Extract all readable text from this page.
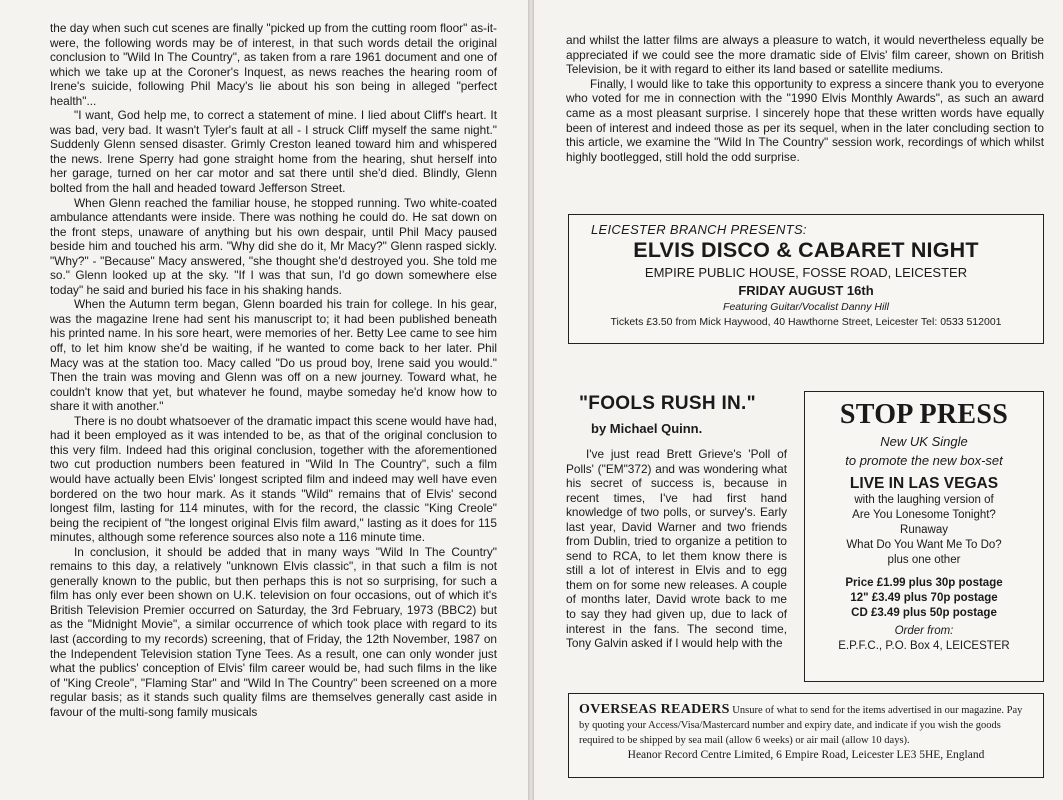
the day when such cut scenes are finally "picked up from the cutting room floor" as-it-were, the following words may be of interest, in that such words detail the original conclusion to "Wild In The Country", as taken from a rare 1961 document and one of which we take up at the Coroner's Inquest, as news reaches the hearing room of Irene's suicide, following Phil Macy's lie about his son being in alleged "perfect health"...

"I want, God help me, to correct a statement of mine. I lied about Cliff's heart. It was bad, very bad. It wasn't Tyler's fault at all - I struck Cliff myself the same night." Suddenly Glenn sensed disaster. Grimly Creston leaned toward him and whispered the news. Irene Sperry had gone straight home from the hearing, shut herself into her garage, turned on her car motor and sat there until she'd died. Blindly, Glenn bolted from the hall and headed toward Jefferson Street.

When Glenn reached the familiar house, he stopped running. Two white-coated ambulance attendants were inside. There was nothing he could do. He sat down on the front steps, unaware of anything but his own despair, until Phil Macy paused beside him and touched his arm. "Why did she do it, Mr Macy?" Glenn rasped sickly. "Why?" - "Because" Macy answered, "she thought she'd destroyed you. She told me so." Glenn looked up at the sky. "If I was that sun, I'd go down somewhere else today" he said and buried his face in his shaking hands.

When the Autumn term began, Glenn boarded his train for college. In his gear, was the magazine Irene had sent his manuscript to; it had been published beneath his printed name. In his sore heart, were memories of her. Betty Lee came to see him off, to let him know she'd be waiting, if he wanted to come back to her later. Phil Macy was at the station too. Macy called "Do us proud boy, Irene said you would." Then the train was moving and Glenn was off on a new journey. Toward what, he couldn't know that yet, but whatever he found, maybe someday he'd know how to share it with another."

There is no doubt whatsoever of the dramatic impact this scene would have had, had it been employed as it was intended to be, as that of the original conclusion to this very film. Indeed had this original conclusion, together with the aforementioned two cut production numbers been featured in "Wild In The Country", such a film would have actually been Elvis' longest scripted film and indeed may well have even bordered on the two hour mark. As it stands "Wild" remains that of Elvis' second longest film, lasting for 114 minutes, with for the record, the classic "King Creole" being the recipient of "the longest original Elvis film award," lasting as it does for 115 minutes, although some reference sources also note a 116 minute time.

In conclusion, it should be added that in many ways "Wild In The Country" remains to this day, a relatively "unknown Elvis classic", in that such a film is not generally known to the public, but then perhaps this is not so surprising, for such a film has only ever been shown on U.K. television on four occasions, out of which it's British Television Premier occurred on Saturday, the 3rd February, 1973 (BBC2) but as the "Midnight Movie", a similar occurrence of which took place with regard to its last (according to my records) screening, that of Friday, the 12th November, 1987 on the Independent Television station Tyne Tees. As a result, one can only wonder just what the publics' conception of Elvis' film career would be, had such films in the like of "King Creole", "Flaming Star" and "Wild In The Country" been screened on a more regular basis; as it stands such quality films are themselves generally cast aside in favour of the multi-song family musicals

and whilst the latter films are always a pleasure to watch, it would nevertheless equally be appreciated if we could see the more dramatic side of Elvis' film career, shown on British Television, be it with regard to either its land based or satellite mediums.

Finally, I would like to take this opportunity to express a sincere thank you to everyone who voted for me in connection with the "1990 Elvis Monthly Awards", as such an award came as a most pleasant surprise. I sincerely hope that these written words have equally been of interest and indeed those as per its sequel, when in the later concluding section to this article, we examine the "Wild In The Country" session work, recordings of which whilst highly bootlegged, still hold the odd surprise.

LEICESTER BRANCH PRESENTS:
ELVIS DISCO & CABARET NIGHT
EMPIRE PUBLIC HOUSE, FOSSE ROAD, LEICESTER
FRIDAY AUGUST 16th
Featuring Guitar/Vocalist Danny Hill
Tickets £3.50 from Mick Haywood, 40 Hawthorne Street, Leicester Tel: 0533 512001
"FOOLS RUSH IN."
by Michael Quinn.

I've just read Brett Grieve's 'Poll of Polls' ("EM"372) and was wondering what his secret of success is, because in recent times, I've had first hand knowledge of two polls, or survey's. Early last year, David Warner and two friends from Dublin, tried to organize a petition to send to RCA, to let them know there is still a lot of interest in Elvis and to egg them on for some new releases. A couple of months later, David wrote back to me to say they had given up, due to lack of interest in the fans. The second time, Tony Galvin asked if I would help with the

STOP PRESS
New UK Single
to promote the new box-set
LIVE IN LAS VEGAS
with the laughing version of
Are You Lonesome Tonight?
Runaway
What Do You Want Me To Do?
plus one other
Price £1.99 plus 30p postage
12" £3.49 plus 70p postage
CD £3.49 plus 50p postage
Order from:
E.P.F.C., P.O. Box 4, LEICESTER
OVERSEAS READERS Unsure of what to send for the items advertised in our magazine. Pay by quoting your Access/Visa/Mastercard number and expiry date, and indicate if you wish the goods required to be shipped by sea mail (allow 6 weeks) or air mail (allow 10 days).
Heanor Record Centre Limited, 6 Empire Road, Leicester LE3 5HE, England
